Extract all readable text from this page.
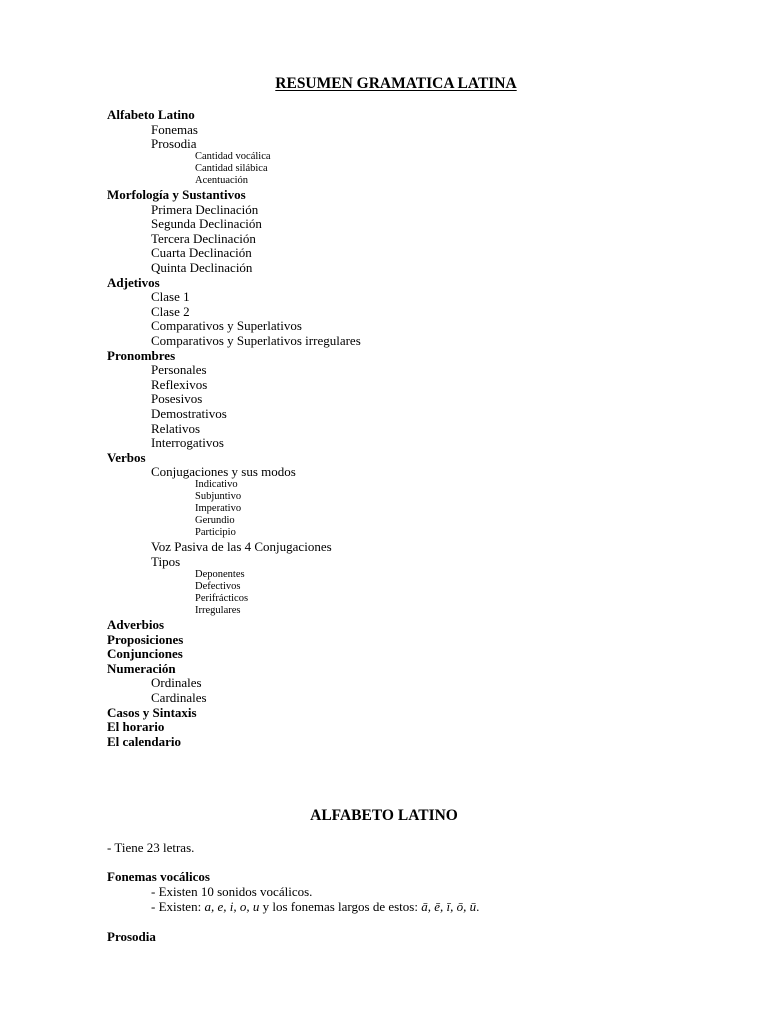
RESUMEN GRAMATICA LATINA
Alfabeto Latino
Fonemas
Prosodia
Cantidad vocálica
Cantidad silábica
Acentuación
Morfología y Sustantivos
Primera Declinación
Segunda Declinación
Tercera Declinación
Cuarta Declinación
Quinta Declinación
Adjetivos
Clase 1
Clase 2
Comparativos y Superlativos
Comparativos y Superlativos irregulares
Pronombres
Personales
Reflexivos
Posesivos
Demostrativos
Relativos
Interrogativos
Verbos
Conjugaciones y sus modos
Indicativo
Subjuntivo
Imperativo
Gerundio
Participio
Voz Pasiva de las 4 Conjugaciones
Tipos
Deponentes
Defectivos
Perifrácticos
Irregulares
Adverbios
Proposiciones
Conjunciones
Numeración
Ordinales
Cardinales
Casos y Sintaxis
El horario
El calendario
ALFABETO LATINO
- Tiene 23 letras.
Fonemas vocálicos
- Existen 10 sonidos vocálicos.
- Existen: a, e, i, o, u y los fonemas largos de estos: ā, ē, ī, ō, ū.
Prosodia
